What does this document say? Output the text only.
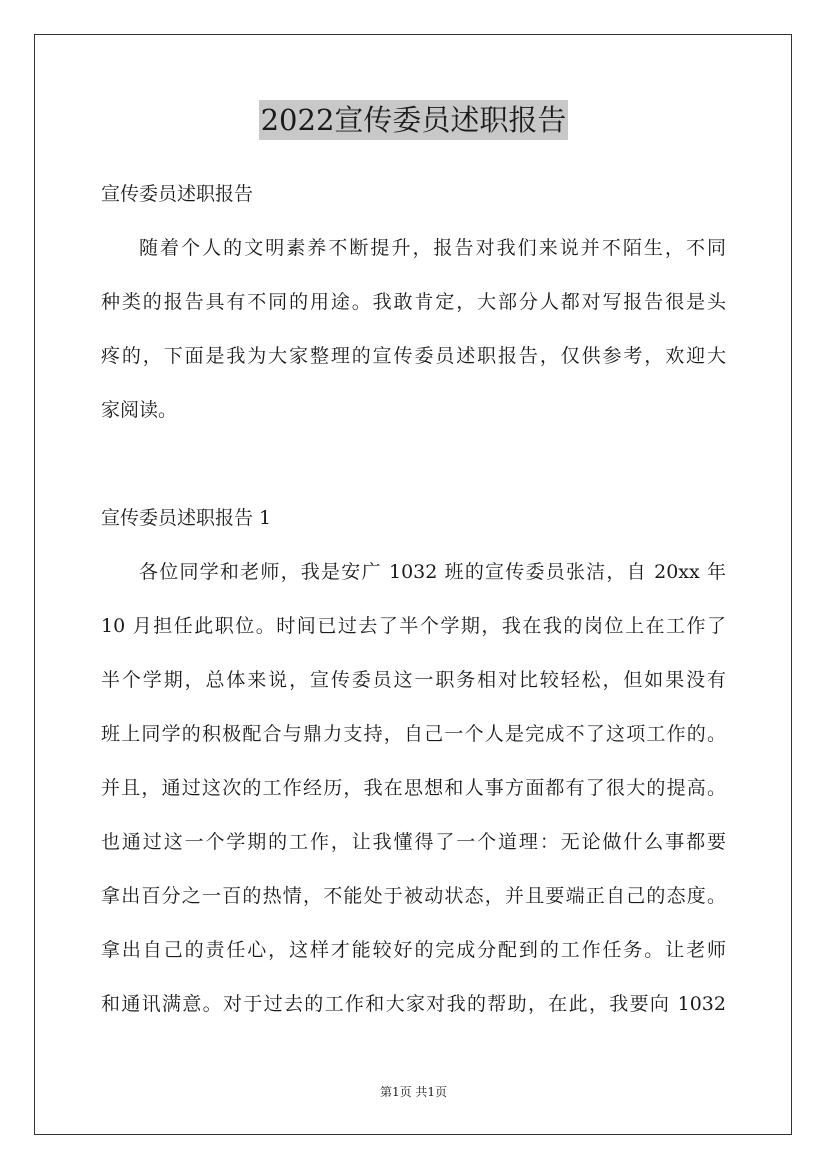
2022宣传委员述职报告
宣传委员述职报告
随着个人的文明素养不断提升，报告对我们来说并不陌生，不同
种类的报告具有不同的用途。我敢肯定，大部分人都对写报告很是头
疼的，下面是我为大家整理的宣传委员述职报告，仅供参考，欢迎大
家阅读。
宣传委员述职报告 1
各位同学和老师，我是安广 1032 班的宣传委员张洁，自 20xx 年
10 月担任此职位。时间已过去了半个学期，我在我的岗位上在工作了
半个学期，总体来说，宣传委员这一职务相对比较轻松，但如果没有
班上同学的积极配合与鼎力支持，自己一个人是完成不了这项工作的。
并且，通过这次的工作经历，我在思想和人事方面都有了很大的提高。
也通过这一个学期的工作，让我懂得了一个道理：无论做什么事都要
拿出百分之一百的热情，不能处于被动状态，并且要端正自己的态度。
拿出自己的责任心，这样才能较好的完成分配到的工作任务。让老师
和通讯满意。对于过去的工作和大家对我的帮助，在此，我要向 1032
第1页 共1页
